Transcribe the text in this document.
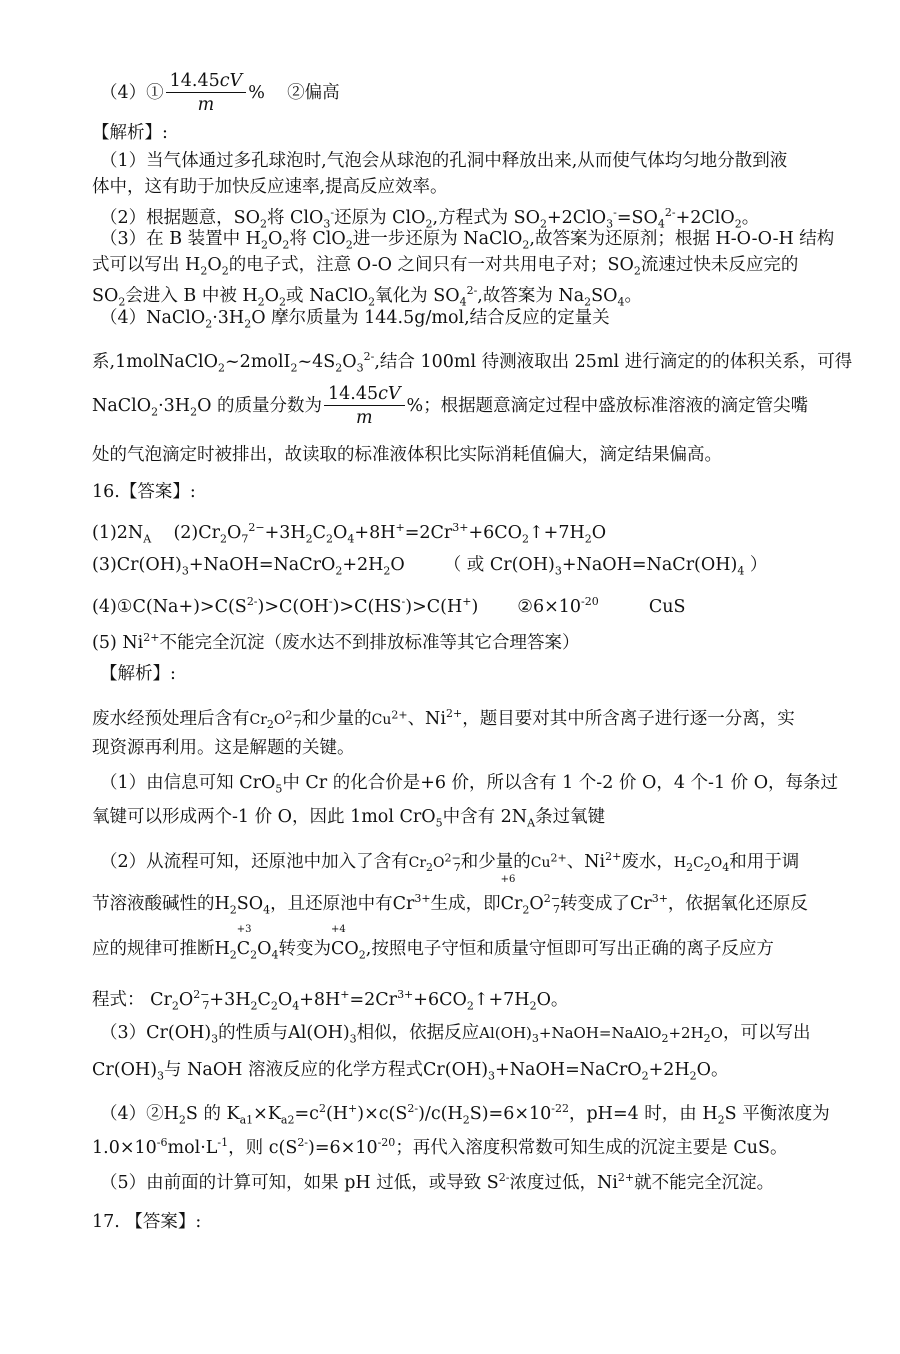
（4）① $\frac{14.45cV}{m}$ % ②偏高
【解析】:
（1）当气体通过多孔球泡时,气泡会从球泡的孔洞中释放出来,从而使气体均匀地分散到液
体中，这有助于加快反应速率,提高反应效率。
（2）根据题意，$SO_2$将 ClO$_3$-还原为 ClO$_2$,方程式为 $SO_2+2ClO_3^-=SO_4^{2-}+2ClO_2$。
（3）在 B 装置中 $H_2O_2$将 ClO$_2$进一步还原为 NaClO$_2$,故答案为还原剂；根据 H-O-O-H 结构
式可以写出 $H_2O_2$的电子式，注意 O-O 之间只有一对共用电子对；$SO_2$流速过快未反应完的
$SO_2$会进入 B 中被 $H_2O_2$或 NaClO$_2$氧化为 $SO_4^{2-}$,故答案为 $Na_2SO_4$。
$(4)NaClO_2\cdot 3H_2O$ 摩尔质量为 144.5g/mol,结合反应的定量关
系$,1molNaClO_2\sim 2molI_2\sim 4S_2O_3^{2-}$,结合 100ml 待测液取出 25ml 进行滴定的的体积关系，可得
$NaClO_2\cdot 3H_2O$ 的质量分数为 $\frac{14.45cV}{m}$ %；根据题意滴定过程中盛放标准溶液的滴定管尖嘴
处的气泡滴定时被排出，故读取的标准液体积比实际消耗值偏大，滴定结果偏高。
16.【答案】:
$(1)2N_A$ $(2)Cr_2O_7^{2-}+3H_2C_2O_4+8H^+=2Cr^{3+}+6CO_2↑+7H_2O$
$(3)Cr(OH)_3+NaOH=NaCrO_2+2H_2O$ （ 或 $Cr(OH)_3+NaOH=NaCr(OH)_4$ ）
$(4)①C(Na+)>C(S^{2-})>C(OH^-)>C(HS^-)>C(H^+)$ $②6\times 10^{-20}$	CuS
(5) $Ni^{2+}$不能完全沉淀（废水达不到排放标准等其它合理答案）
【解析】:
废水经预处理后含有$Cr_2O^{2-}_7$和少量的$Cu^{2+}$、$Ni^{2+}$，题目要对其中所含离子进行逐一分离，实
现资源再利用。这是解题的关键。
（1）由信息可知 CrO$_5$中 Cr 的化合价是+6 价，所以含有 1 个-2 价 O，4 个-1 价 O，每条过
氧键可以形成两个-1 价 O，因此 1mol CrO$_5$中含有 $2N_A$条过氧键
（2）从流程可知，还原池中加入了含有$Cr_2O^{2-}_7$和少量的$Cu^{2+}$、$Ni^{2+}$废水，$H_2C_2O_4$和用于调
节溶液酸碱性的$H_2SO_4$，且还原池中有$Cr^{3+}$生成，即
+6
$Cr_2O^{2-}_7$转变成了$Cr^{3+}$，依据氧化还原反
应的规律可推断$H_2$
+3
$C_2O_4$转变为
+4
$CO_2$,按照电子守恒和质量守恒即可写出正确的离子反应方
程式： $Cr_2O^{2-}_7+3H_2C_2O_4+8H^+=2Cr^{3+}+6CO_2↑+7H_2O$。
$(3)Cr(OH)_3$的性质与$Al(OH)_3$相似，依据反应$Al(OH)_3+NaOH=NaAlO_2+2H_2O$，可以写出
$Cr(OH)_3$与 NaOH 溶液反应的化学方程式$Cr(OH)_3+NaOH=NaCrO_2+2H_2O$。
$(4)②H_2S$ 的 $K_{a1}\times K_{a2}=c^2(H^+)\times c(S^{2-})/c(H_2S)=6\times 10^{-22}$，pH=4 时，由 $H_2S$ 平衡浓度为
$1.0\times 10^{-6}mol\cdot L^{-1}$，则 $c(S^{2-})=6\times 10^{-20}$；再代入溶度积常数可知生成的沉淀主要是 CuS。
（5）由前面的计算可知，如果 pH 过低，或导致 $S^{2-}$浓度过低，$Ni^{2+}$就不能完全沉淀。
17. 【答案】:
